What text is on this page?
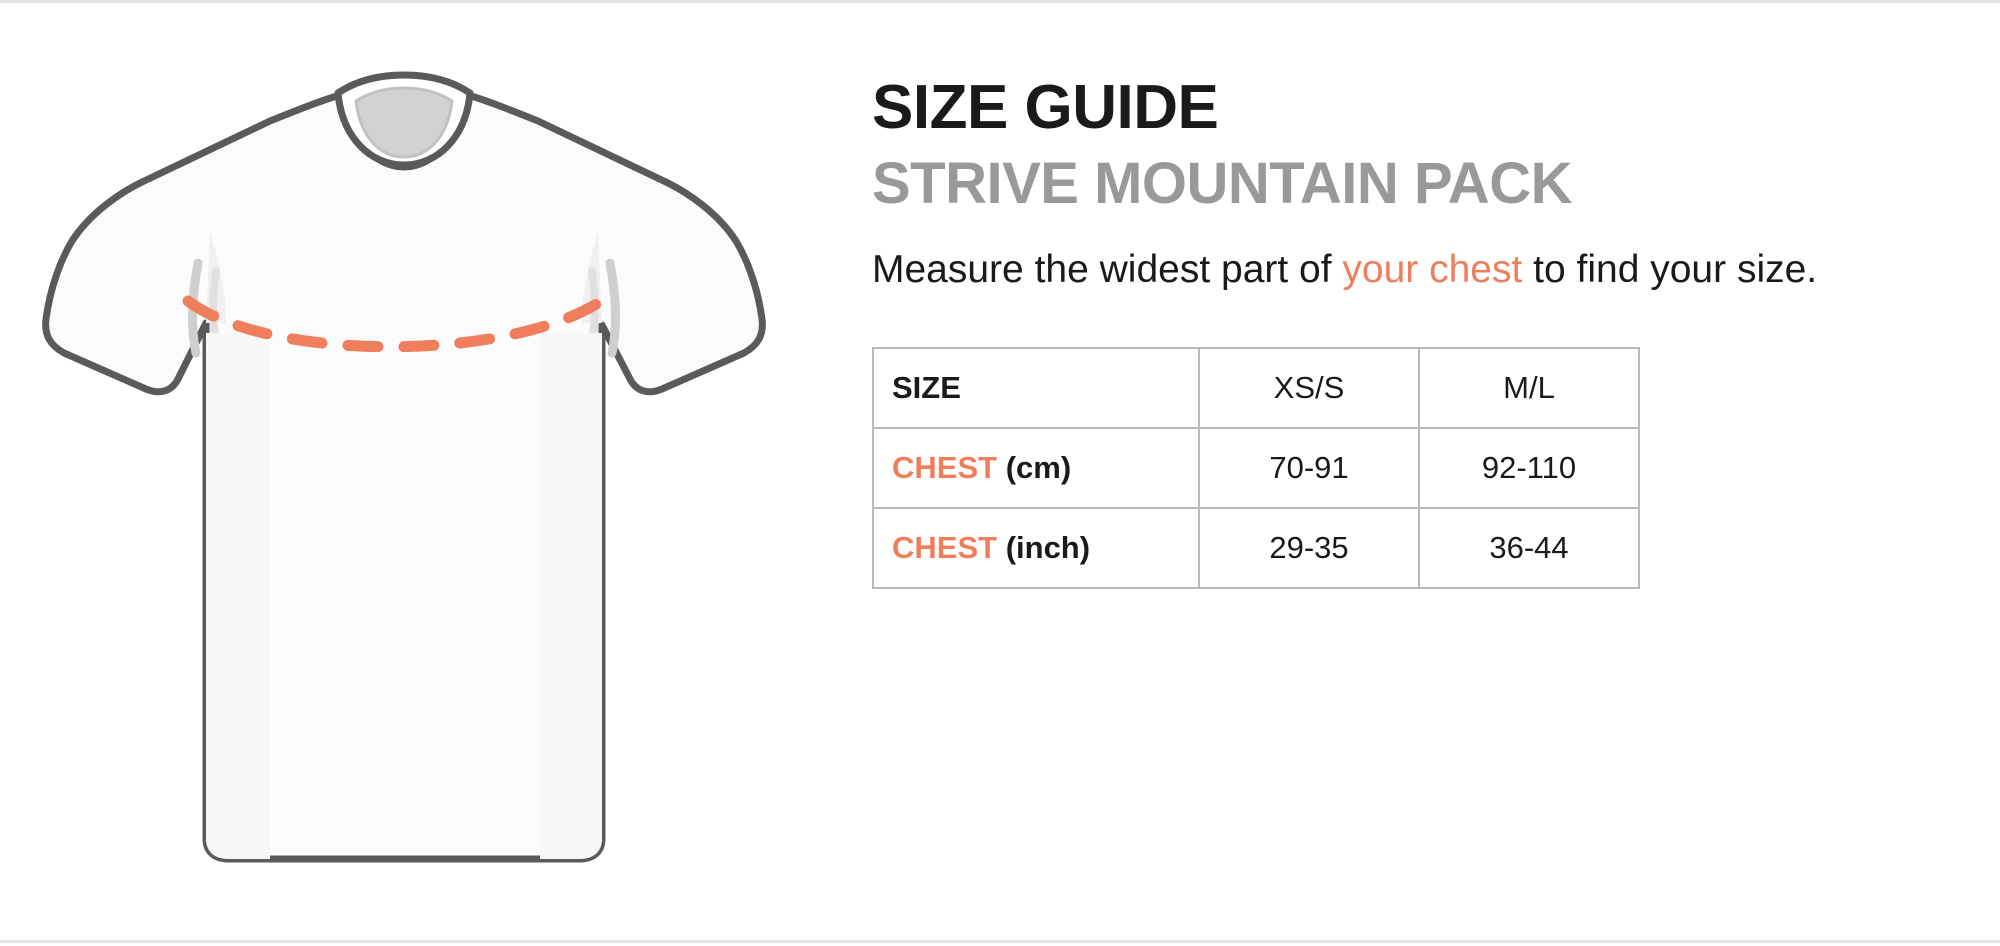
SIZE GUIDE
STRIVE MOUNTAIN PACK

Measure the widest part of your chest to find your size.

SIZE	XS/S	M/L
CHEST (cm)	70-91	92-110
CHEST (inch)	29-35	36-44
